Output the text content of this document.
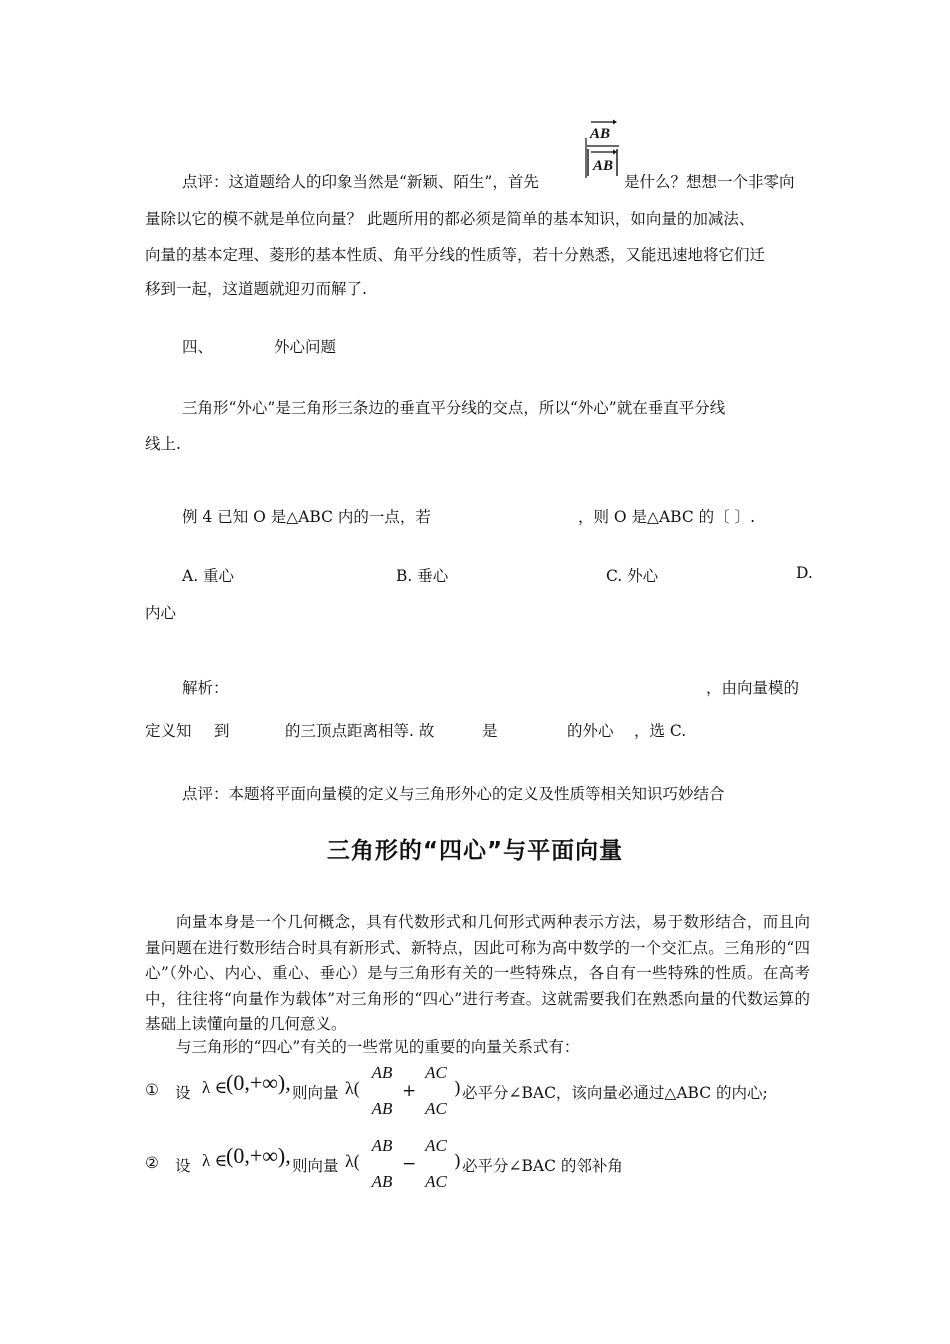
AB
AB
点评：这道题给人的印象当然是“新颖、陌生”，首先	是什么？想想一个非零向
量除以它的模不就是单位向量？ 此题所用的都必须是简单的基本知识，如向量的加减法、
向量的基本定理、菱形的基本性质、角平分线的性质等，若十分熟悉，又能迅速地将它们迁
移到一起，这道题就迎刃而解了.
四、	外心问题
三角形“外心”是三角形三条边的垂直平分线的交点，所以“外心”就在垂直平分线
线上.
例 4 已知 O 是△ABC 内的一点，若	，则 O 是△ABC 的〔 〕.
A. 重心	B. 垂心	C. 外心	D.
内心
解析：	，由向量模的
定义知 到	的三顶点距离相等. 故	是	的外心 ，选 C.
点评：本题将平面向量模的定义与三角形外心的定义及性质等相关知识巧妙结合
三角形的“四心”与平面向量
向量本身是一个几何概念，具有代数形式和几何形式两种表示方法，易于数形结合，而且向量问题在进行数形结合时具有新形式、新特点，因此可称为高中数学的一个交汇点。三角形的“四心”（外心、内心、重心、垂心）是与三角形有关的一些特殊点，各自有一些特殊的性质。在高考中，往往将“向量作为载体”对三角形的“四心”进行考查。这就需要我们在熟悉向量的代数运算的基础上读懂向量的几何意义。
与三角形的“四心”有关的一些常见的重要的向量关系式有：
① 设 λ ∈
(0,+∞), 则向量 λ(
AB
AB
+
AC
AC
) 必平分∠BAC，该向量必通过△ABC 的内心;
② 设 λ ∈
(0,+∞), 则向量 λ(
AB
AB
−
AC
AC
) 必平分∠BAC 的邻补角
